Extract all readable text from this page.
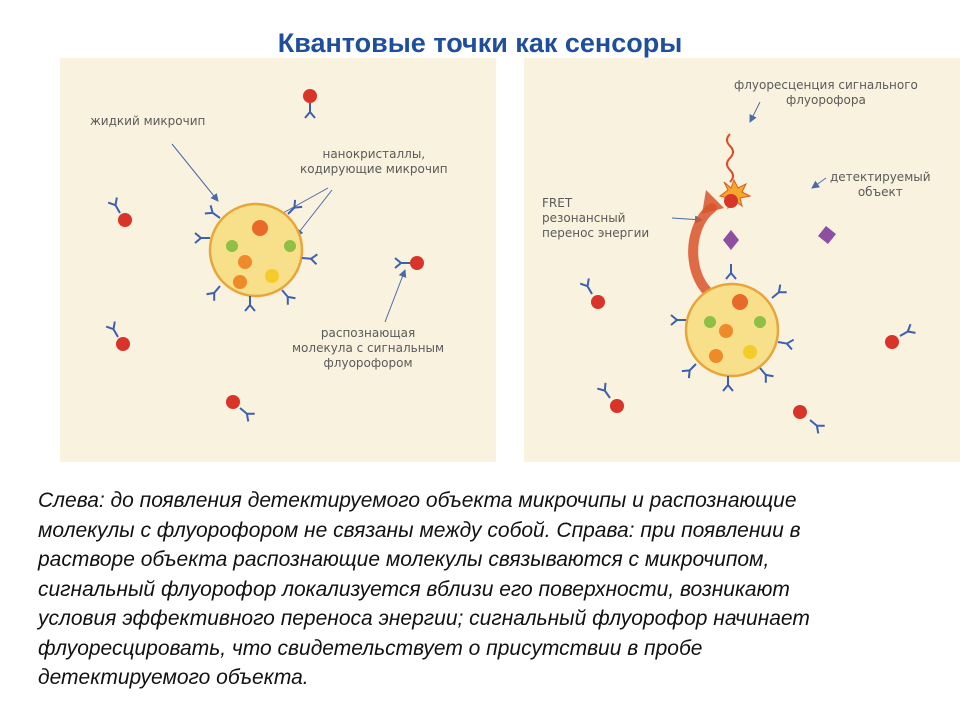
Квантовые точки как сенсоры
жидкий микрочип
нанокристаллы,
кодирующие микрочип
распознающая
молекула с сигнальным
флуорофором
флуоресценция сигнального
флуорофора
FRET
резонансный
перенос энергии
детектируемый
объект
Слева: до появления детектируемого объекта микрочипы и распознающие
молекулы с флуорофором не связаны между собой. Справа: при появлении в
растворе объекта распознающие молекулы связываются с микрочипом,
сигнальный флуорофор локализуется вблизи его поверхности, возникают
условия эффективного переноса энергии; сигнальный флуорофор начинает
флуоресцировать, что свидетельствует о присутствии в пробе
детектируемого объекта.
